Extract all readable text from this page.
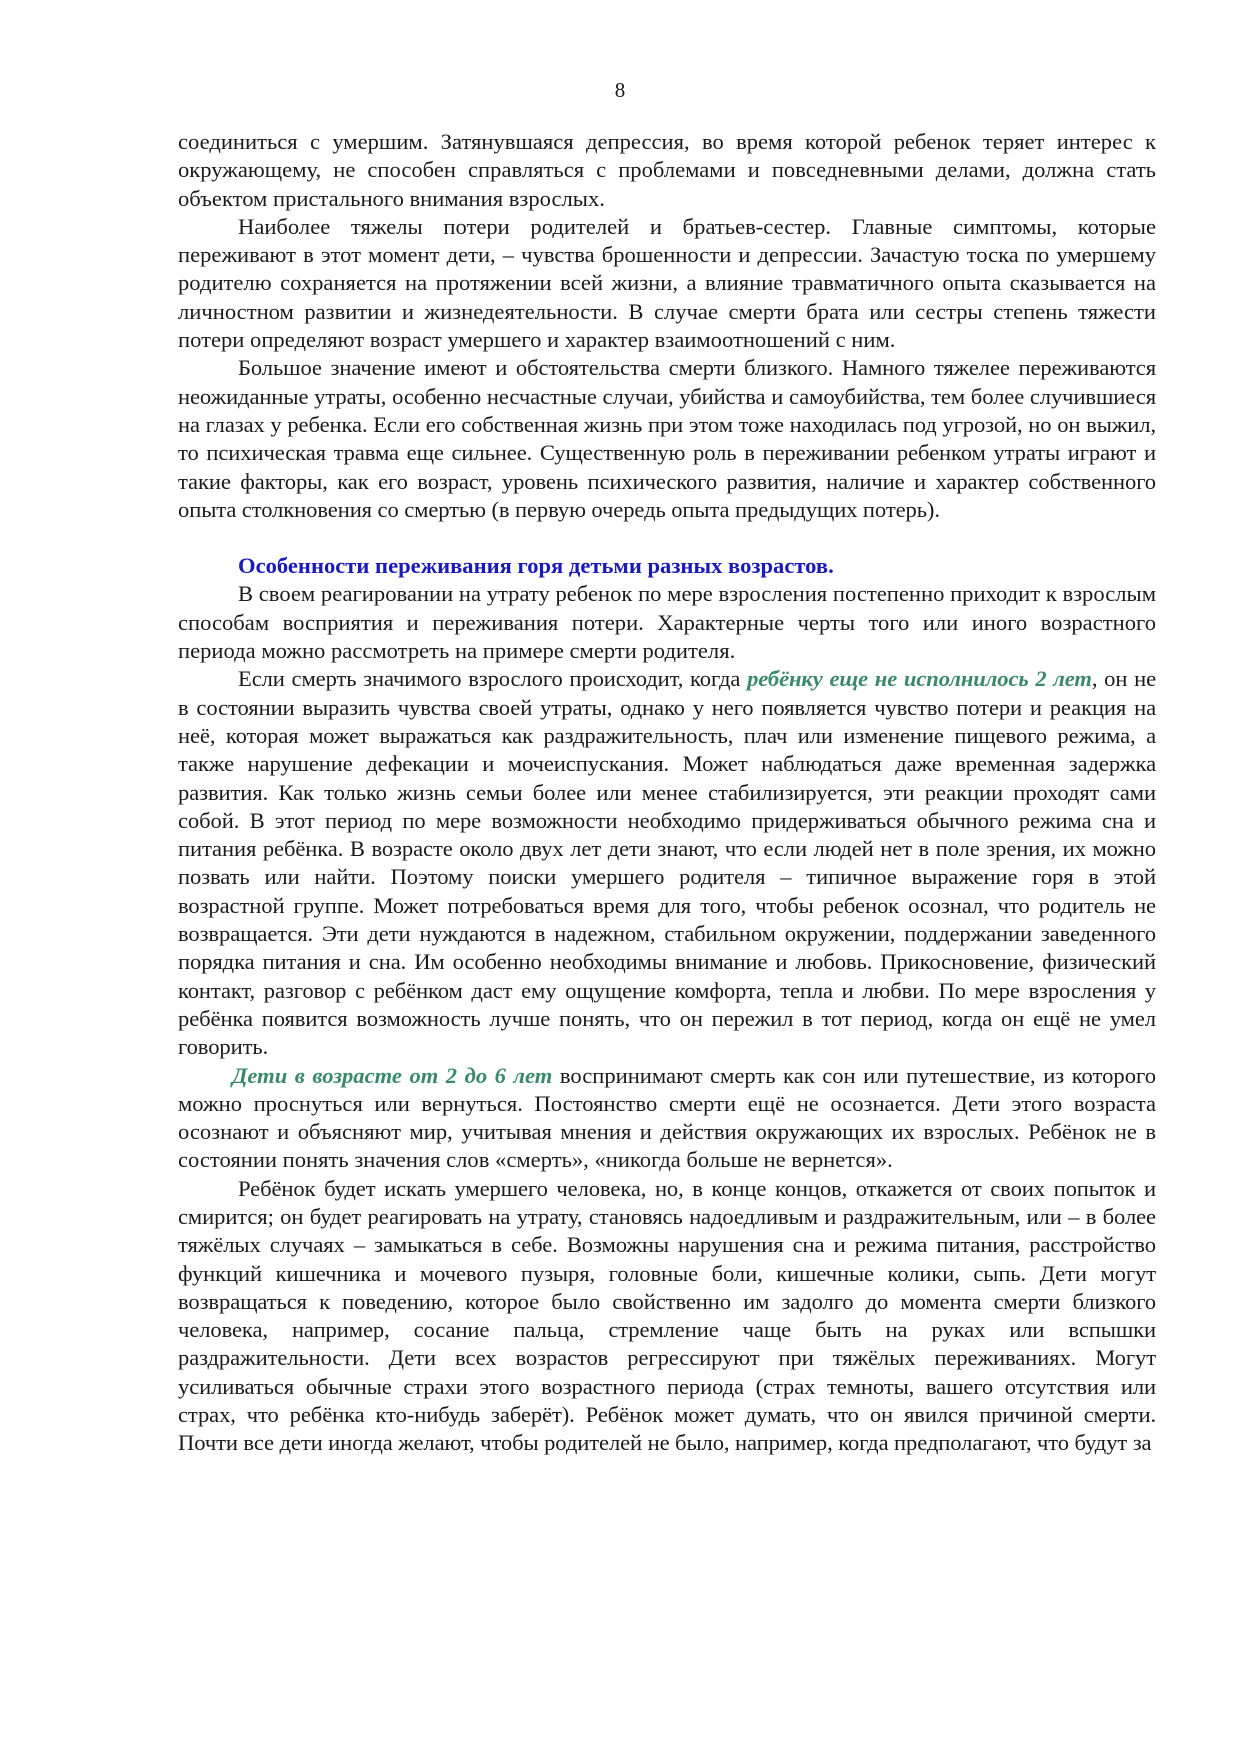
8

соединиться с умершим. Затянувшаяся депрессия, во время которой ребенок теряет интерес к окружающему, не способен справляться с проблемами и повседневными делами, должна стать объектом пристального внимания взрослых.

Наиболее тяжелы потери родителей и братьев-сестер. Главные симптомы, которые переживают в этот момент дети, – чувства брошенности и депрессии. Зачастую тоска по умершему родителю сохраняется на протяжении всей жизни, а влияние травматичного опыта сказывается на личностном развитии и жизнедеятельности. В случае смерти брата или сестры степень тяжести потери определяют возраст умершего и характер взаимоотношений с ним.

Большое значение имеют и обстоятельства смерти близкого. Намного тяжелее переживаются неожиданные утраты, особенно несчастные случаи, убийства и самоубийства, тем более случившиеся на глазах у ребенка. Если его собственная жизнь при этом тоже находилась под угрозой, но он выжил, то психическая травма еще сильнее. Существенную роль в переживании ребенком утраты играют и такие факторы, как его возраст, уровень психического развития, наличие и характер собственного опыта столкновения со смертью (в первую очередь опыта предыдущих потерь).

Особенности переживания горя детьми разных возрастов.

В своем реагировании на утрату ребенок по мере взросления постепенно приходит к взрослым способам восприятия и переживания потери. Характерные черты того или иного возрастного периода можно рассмотреть на примере смерти родителя.

Если смерть значимого взрослого происходит, когда ребёнку еще не исполнилось 2 лет, он не в состоянии выразить чувства своей утраты, однако у него появляется чувство потери и реакция на неё, которая может выражаться как раздражительность, плач или изменение пищевого режима, а также нарушение дефекации и мочеиспускания. Может наблюдаться даже временная задержка развития. Как только жизнь семьи более или менее стабилизируется, эти реакции проходят сами собой. В этот период по мере возможности необходимо придерживаться обычного режима сна и питания ребёнка. В возрасте около двух лет дети знают, что если людей нет в поле зрения, их можно позвать или найти. Поэтому поиски умершего родителя – типичное выражение горя в этой возрастной группе. Может потребоваться время для того, чтобы ребенок осознал, что родитель не возвращается. Эти дети нуждаются в надежном, стабильном окружении, поддержании заведенного порядка питания и сна. Им особенно необходимы внимание и любовь. Прикосновение, физический контакт, разговор с ребёнком даст ему ощущение комфорта, тепла и любви. По мере взросления у ребёнка появится возможность лучше понять, что он пережил в тот период, когда он ещё не умел говорить.

Дети в возрасте от 2 до 6 лет воспринимают смерть как сон или путешествие, из которого можно проснуться или вернуться. Постоянство смерти ещё не осознается. Дети этого возраста осознают и объясняют мир, учитывая мнения и действия окружающих их взрослых. Ребёнок не в состоянии понять значения слов «смерть», «никогда больше не вернется».

Ребёнок будет искать умершего человека, но, в конце концов, откажется от своих попыток и смирится; он будет реагировать на утрату, становясь надоедливым и раздражительным, или – в более тяжёлых случаях – замыкаться в себе. Возможны нарушения сна и режима питания, расстройство функций кишечника и мочевого пузыря, головные боли, кишечные колики, сыпь. Дети могут возвращаться к поведению, которое было свойственно им задолго до момента смерти близкого человека, например, сосание пальца, стремление чаще быть на руках или вспышки раздражительности. Дети всех возрастов регрессируют при тяжёлых переживаниях. Могут усиливаться обычные страхи этого возрастного периода (страх темноты, вашего отсутствия или страх, что ребёнка кто-нибудь заберёт). Ребёнок может думать, что он явился причиной смерти. Почти все дети иногда желают, чтобы родителей не было, например, когда предполагают, что будут за
